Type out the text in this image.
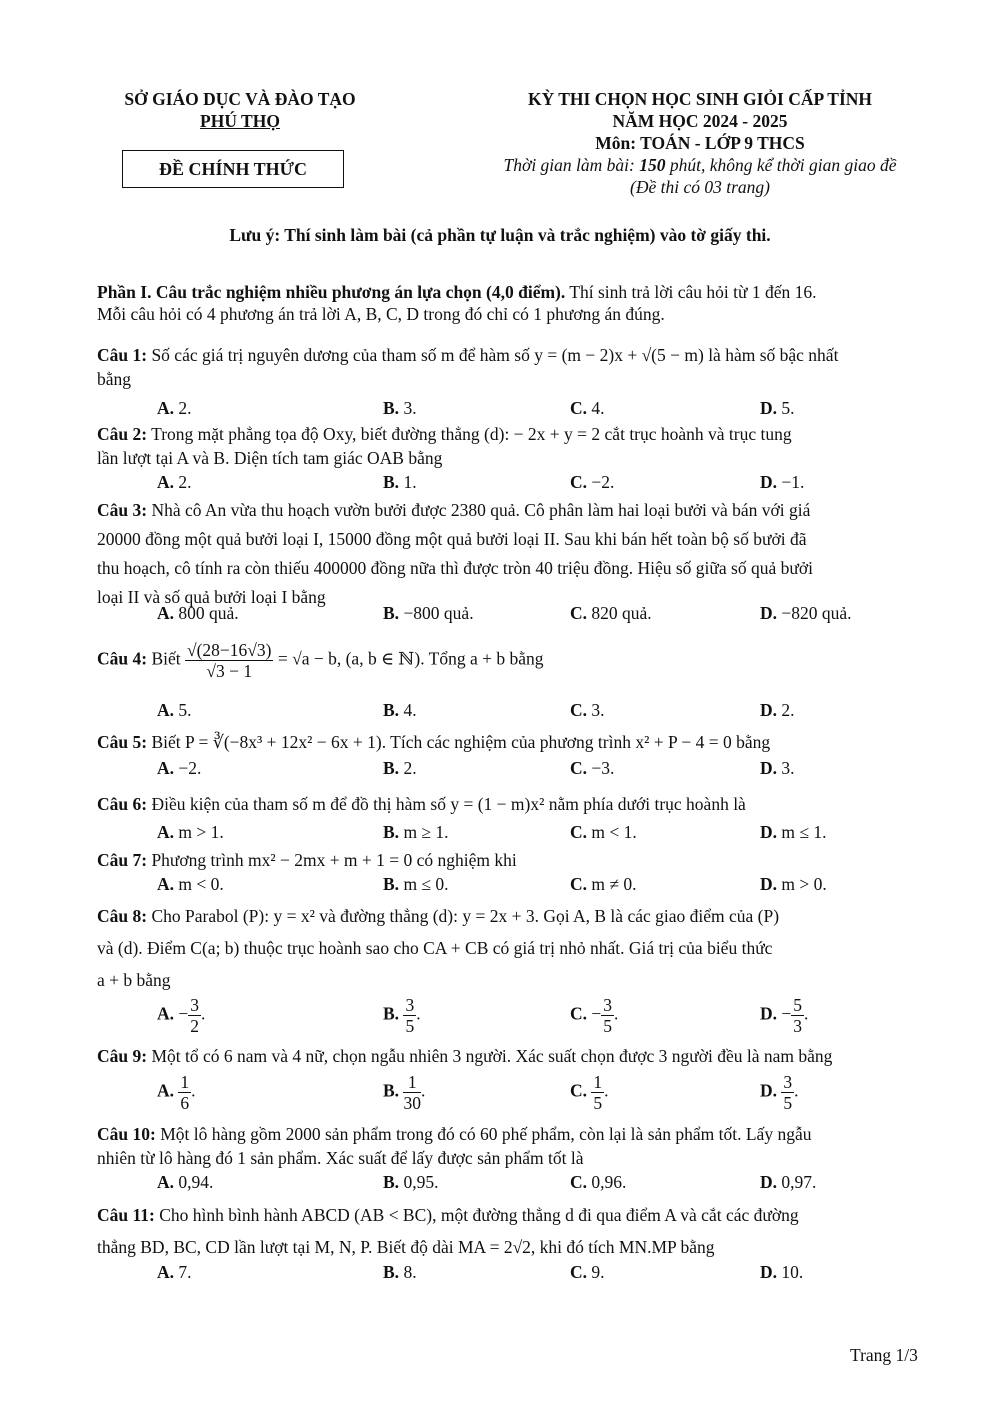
SỞ GIÁO DỤC VÀ ĐÀO TẠO
PHÚ THỌ
ĐỀ CHÍNH THỨC
KỲ THI CHỌN HỌC SINH GIỎI CẤP TỈNH
NĂM HỌC 2024 - 2025
Môn: TOÁN - LỚP 9 THCS
Thời gian làm bài: 150 phút, không kể thời gian giao đề
(Đề thi có 03 trang)
Lưu ý: Thí sinh làm bài (cả phần tự luận và trắc nghiệm) vào tờ giấy thi.
Phần I. Câu trắc nghiệm nhiều phương án lựa chọn (4,0 điểm). Thí sinh trả lời câu hỏi từ 1 đến 16.
Mỗi câu hỏi có 4 phương án trả lời A, B, C, D trong đó chỉ có 1 phương án đúng.
Câu 1: Số các giá trị nguyên dương của tham số m để hàm số y = (m − 2)x + √(5 − m) là hàm số bậc nhất
bằng
A. 2.	B. 3.	C. 4.	D. 5.
Câu 2: Trong mặt phẳng tọa độ Oxy, biết đường thẳng (d): − 2x + y = 2 cắt trục hoành và trục tung
lần lượt tại A và B. Diện tích tam giác OAB bằng
A. 2.	B. 1.	C. −2.	D. −1.
Câu 3: Nhà cô An vừa thu hoạch vườn bưởi được 2380 quả. Cô phân làm hai loại bưởi và bán với giá
20000 đồng một quả bưởi loại I, 15000 đồng một quả bưởi loại II. Sau khi bán hết toàn bộ số bưởi đã
thu hoạch, cô tính ra còn thiếu 400000 đồng nữa thì được tròn 40 triệu đồng. Hiệu số giữa số quả bưởi
loại II và số quả bưởi loại I bằng
A. 800 quả.	B. −800 quả.	C. 820 quả.	D. −820 quả.
Câu 4: Biết $\frac{√(28-16√3)}{√3 - 1} = √a - b$, (a, b ∈ ℕ). Tổng a + b bằng
A. 5.	B. 4.	C. 3.	D. 2.
Câu 5: Biết P = ∛(−8x³ + 12x² − 6x + 1). Tích các nghiệm của phương trình x² + P − 4 = 0 bằng
A. −2.	B. 2.	C. −3.	D. 3.
Câu 6: Điều kiện của tham số m để đồ thị hàm số y = (1 − m)x² nằm phía dưới trục hoành là
A. m > 1.	B. m ≥ 1.	C. m < 1.	D. m ≤ 1.
Câu 7: Phương trình mx² − 2mx + m + 1 = 0 có nghiệm khi
A. m < 0.	B. m ≤ 0.	C. m ≠ 0.	D. m > 0.
Câu 8: Cho Parabol (P): y = x² và đường thẳng (d): y = 2x + 3. Gọi A, B là các giao điểm của (P)
và (d). Điểm C(a; b) thuộc trục hoành sao cho CA + CB có giá trị nhỏ nhất. Giá trị của biểu thức
a + b bằng
A. − $\frac{3}{2}$ .	B. $\frac{3}{5}$ .	C. − $\frac{3}{5}$ .	D. − $\frac{5}{3}$ .
Câu 9: Một tổ có 6 nam và 4 nữ, chọn ngẫu nhiên 3 người. Xác suất chọn được 3 người đều là nam bằng
A. $\frac{1}{6}$ .	B. $\frac{1}{30}$ .	C. $\frac{1}{5}$ .	D. $\frac{3}{5}$ .
Câu 10: Một lô hàng gồm 2000 sản phẩm trong đó có 60 phế phẩm, còn lại là sản phẩm tốt. Lấy ngẫu
nhiên từ lô hàng đó 1 sản phẩm. Xác suất để lấy được sản phẩm tốt là
A. 0,94.	B. 0,95.	C. 0,96.	D. 0,97.
Câu 11: Cho hình bình hành ABCD (AB < BC), một đường thẳng d đi qua điểm A và cắt các đường
thẳng BD, BC, CD lần lượt tại M, N, P. Biết độ dài MA = 2√2, khi đó tích MN.MP bằng
A. 7.	B. 8.	C. 9.	D. 10.
Trang 1/3
